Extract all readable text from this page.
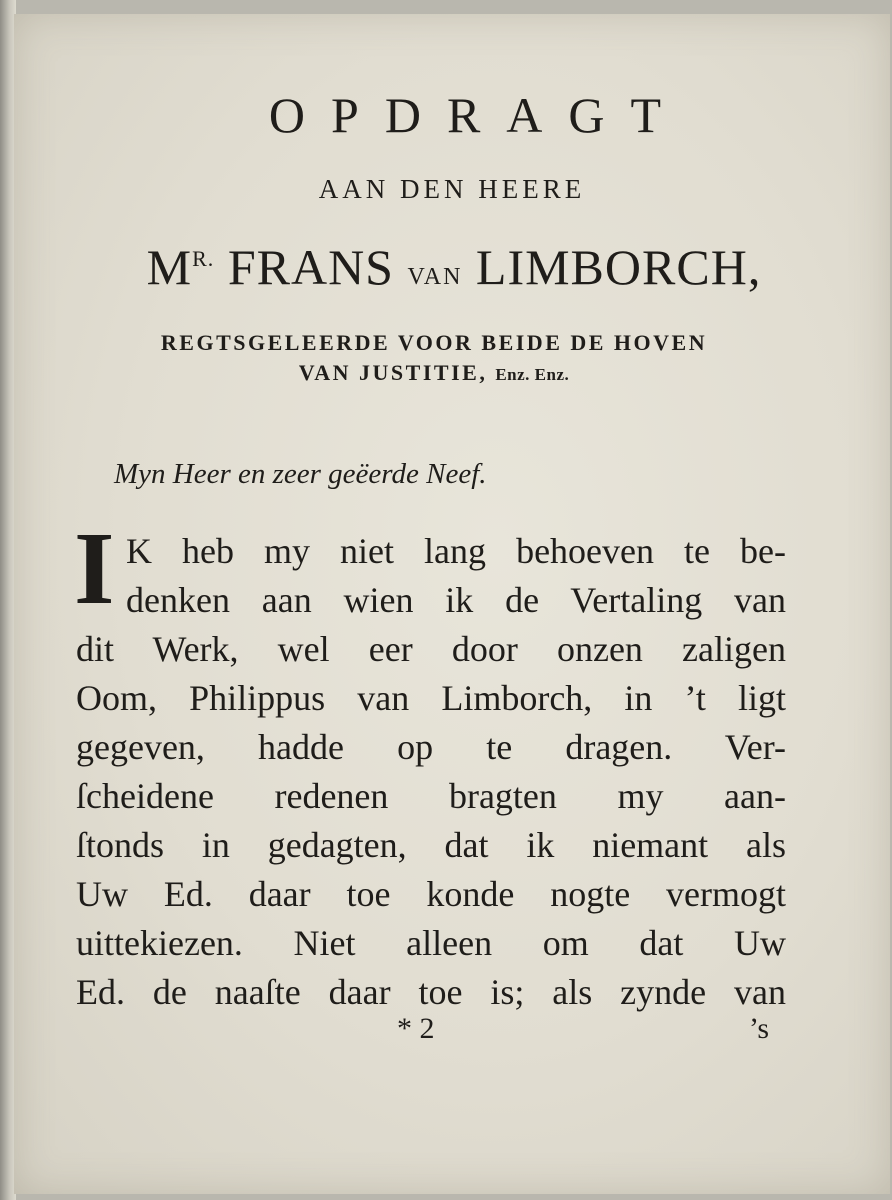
OPDRAGT
AAN DEN HEERE
$M^{R.}$ FRANS VAN LIMBORCH,
REGTSGELEERDE VOOR BEIDE DE HOVEN
VAN JUSTITIE, Enz. Enz.
Myn Heer en zeer geëerde Neef.
I K heb my niet lang behoeven te be-
denken aan wien ik de Vertaling van
dit Werk, wel eer door onzen zaligen
Oom, Philippus van Limborch, in ’t ligt
gegeven, hadde op te dragen. Ver-
ſcheidene redenen bragten my aan-
ſtonds in gedagten, dat ik niemant als
Uw Ed. daar toe konde nogte vermogt
uittekiezen. Niet alleen om dat Uw
Ed. de naaſte daar toe is; als zynde van
* 2	’s
